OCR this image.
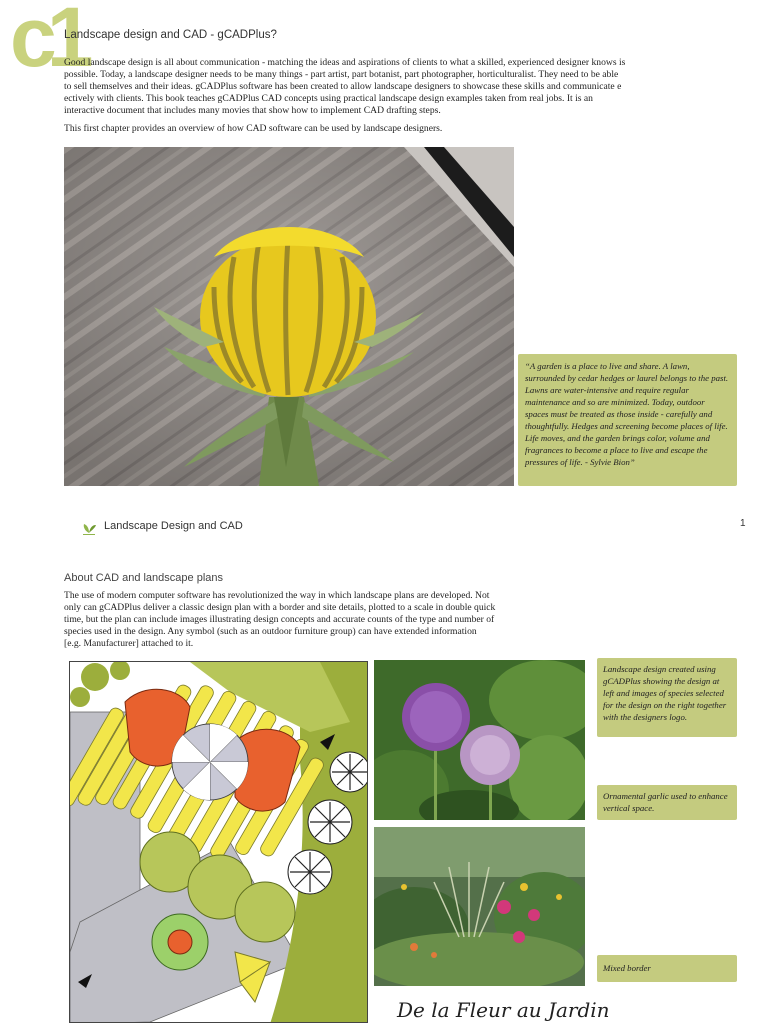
c1
Landscape design and CAD - gCADPlus?
Good landscape design is all about communication - matching the ideas and aspirations of clients to what a skilled, experienced designer knows is possible. Today, a landscape designer needs to be many things - part artist, part botanist, part photographer, horticulturalist. They need to be able to sell themselves and their ideas. gCADPlus software has been created to allow landscape designers to showcase these skills and communicate e ectively with clients. This book teaches gCADPlus CAD concepts using practical landscape design examples taken from real jobs. It is an interactive document that includes many movies that show how to implement CAD drafting steps.
This first chapter provides an overview of how CAD software can be used by landscape designers.
“A garden is a place to live and share. A lawn, surrounded by cedar hedges or laurel belongs to the past. Lawns are water-intensive and require regular maintenance and so are minimized. Today, outdoor spaces must be treated as those inside - carefully and thoughtfully. Hedges and screening become places of life. Life moves, and the garden brings color, volume and fragrances to become a place to live and escape the pressures of life. - Sylvie Bion”
Landscape Design and CAD	1
About CAD and landscape plans
The use of modern computer software has revolutionized the way in which landscape plans are developed. Not only can gCADPlus deliver a classic design plan with a border and site details, plotted to a scale in double quick time, but the plan can include images illustrating design concepts and accurate counts of the type and number of species used in the design. Any symbol (such as an outdoor furniture group) can have extended information [e.g. Manufacturer] attached to it.
Landscape design created using gCADPlus showing the design at left and images of species selected for the design on the right together with the designers logo.
Ornamental garlic used to enhance vertical space.
Mixed border
De la Fleur au Jardin
